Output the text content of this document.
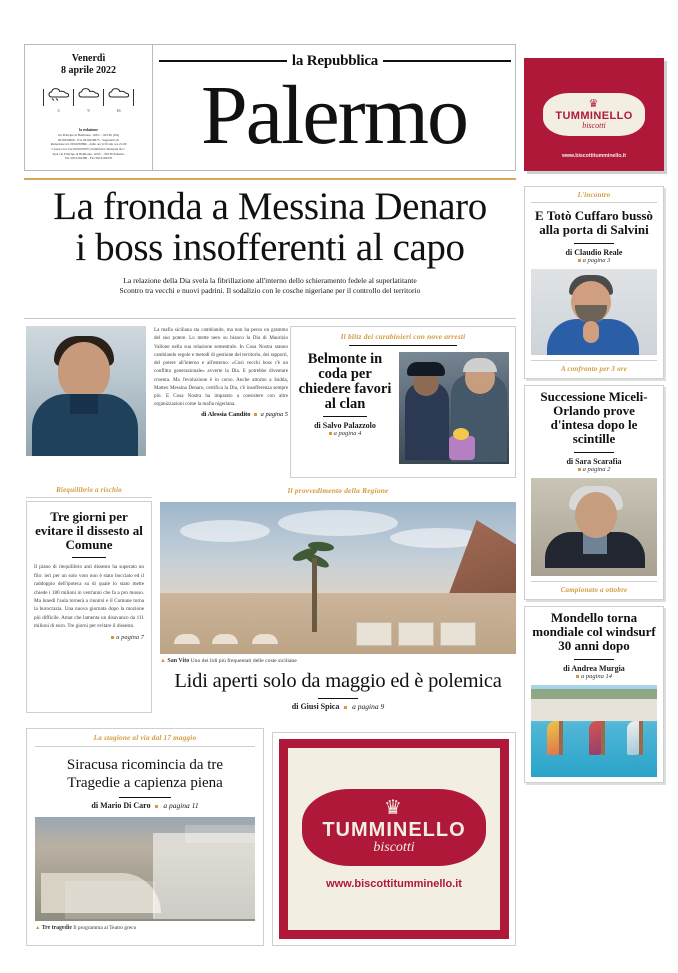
Venerdì
8 aprile 2022
3	9	16
la redazione
via Principe di Belmonte, 103/C - 90139, (PA)
0916250960 - Fax 0916250875 - Segreteria di
Redazione tel. 0916250896 - dalle ore 9.30 alle ore 21.00
Cronaca tel. fax 0916250975, Pubblicità: Manzoni & C.
SpA via Principe di Belmonte, 103/C - 90139 Palermo
Tel. 0916162380 - Fax 0916162970
la Repubblica
Palermo	♛
TUMMINELLO
biscotti
www.biscottitumminello.it
La fronda a Messina Denaro
i boss insofferenti al capo
La relazione della Dia svela la fibrillazione all'interno dello schieramento fedele al superlatitante
Scontro tra vecchi e nuovi padrini. Il sodalizio con le cosche nigeriane per il controllo del territorio
La mafia siciliana sta cambiando, ma non ha perso un grammo del suo potere. Lo mette nero su bianco la Dia di Maurizio Vallone nella sua relazione semestrale. In Cosa Nostra stanno cambiando regole e metodi di gestione del territorio, dei rapporti, del potere all'interno e all'esterno. «Così vecchi boss c'è un conflitto generazionale» avverte la Dia. E potrebbe diventare cruenta. Ma l'evoluzione è in corso. Anche attorno a Isidda, Matteo Messina Denaro, certifica la Dia, c'è insofferenza sempre più. E Cosa Nostra ha imparato a coesistere con altre organizzazioni come la mafia nigeriana.
di Alessia Candito a pagina 5
Il blitz dei carabinieri con nove arresti
Belmonte in coda per chiedere favori al clan
di Salvo Palazzolo
a pagina 4
Riequilibrio a rischio
Tre giorni per evitare il dissesto al Comune
Il piano di riequilibrio anti dissesto ha superato un filo: ieri per un solo voto non è stato bocciato ed il raddoppio dell'ipoteca su di quale lo stato mette chiede i 180 milioni in vent'anni che fa a pro mosso. Ma lunedì l'aula tornerà a riunirsi e il Comune torna la burocrazia. Una nuova giornata dopo la mozione più difficile. Amat che lamenta un disavanzo da 111 milioni di euro. Tre giorni per evitare il dissesto.
a pagina 7
Il provvedimento della Regione
▲ San Vito Uno dei lidi più frequentati delle coste siciliane
Lidi aperti solo da maggio ed è polemica
di Giusi Spica a pagina 9
La stagione al via dal 17 maggio
Siracusa ricomincia da tre
Tragedie a capienza piena
di Mario Di Caro a pagina 11
▲ Tre tragedie Il programma al Teatro greco
♛
TUMMINELLO
biscotti
www.biscottitumminello.it
L'incontro
E Totò Cuffaro bussò alla porta di Salvini
di Claudio Reale
a pagina 3
A confronto per 3 ore
Successione Miceli-Orlando prove d'intesa dopo le scintille
di Sara Scarafia
a pagina 2
Campionato a ottobre
Mondello torna mondiale col windsurf 30 anni dopo
di Andrea Murgia
a pagina 14
